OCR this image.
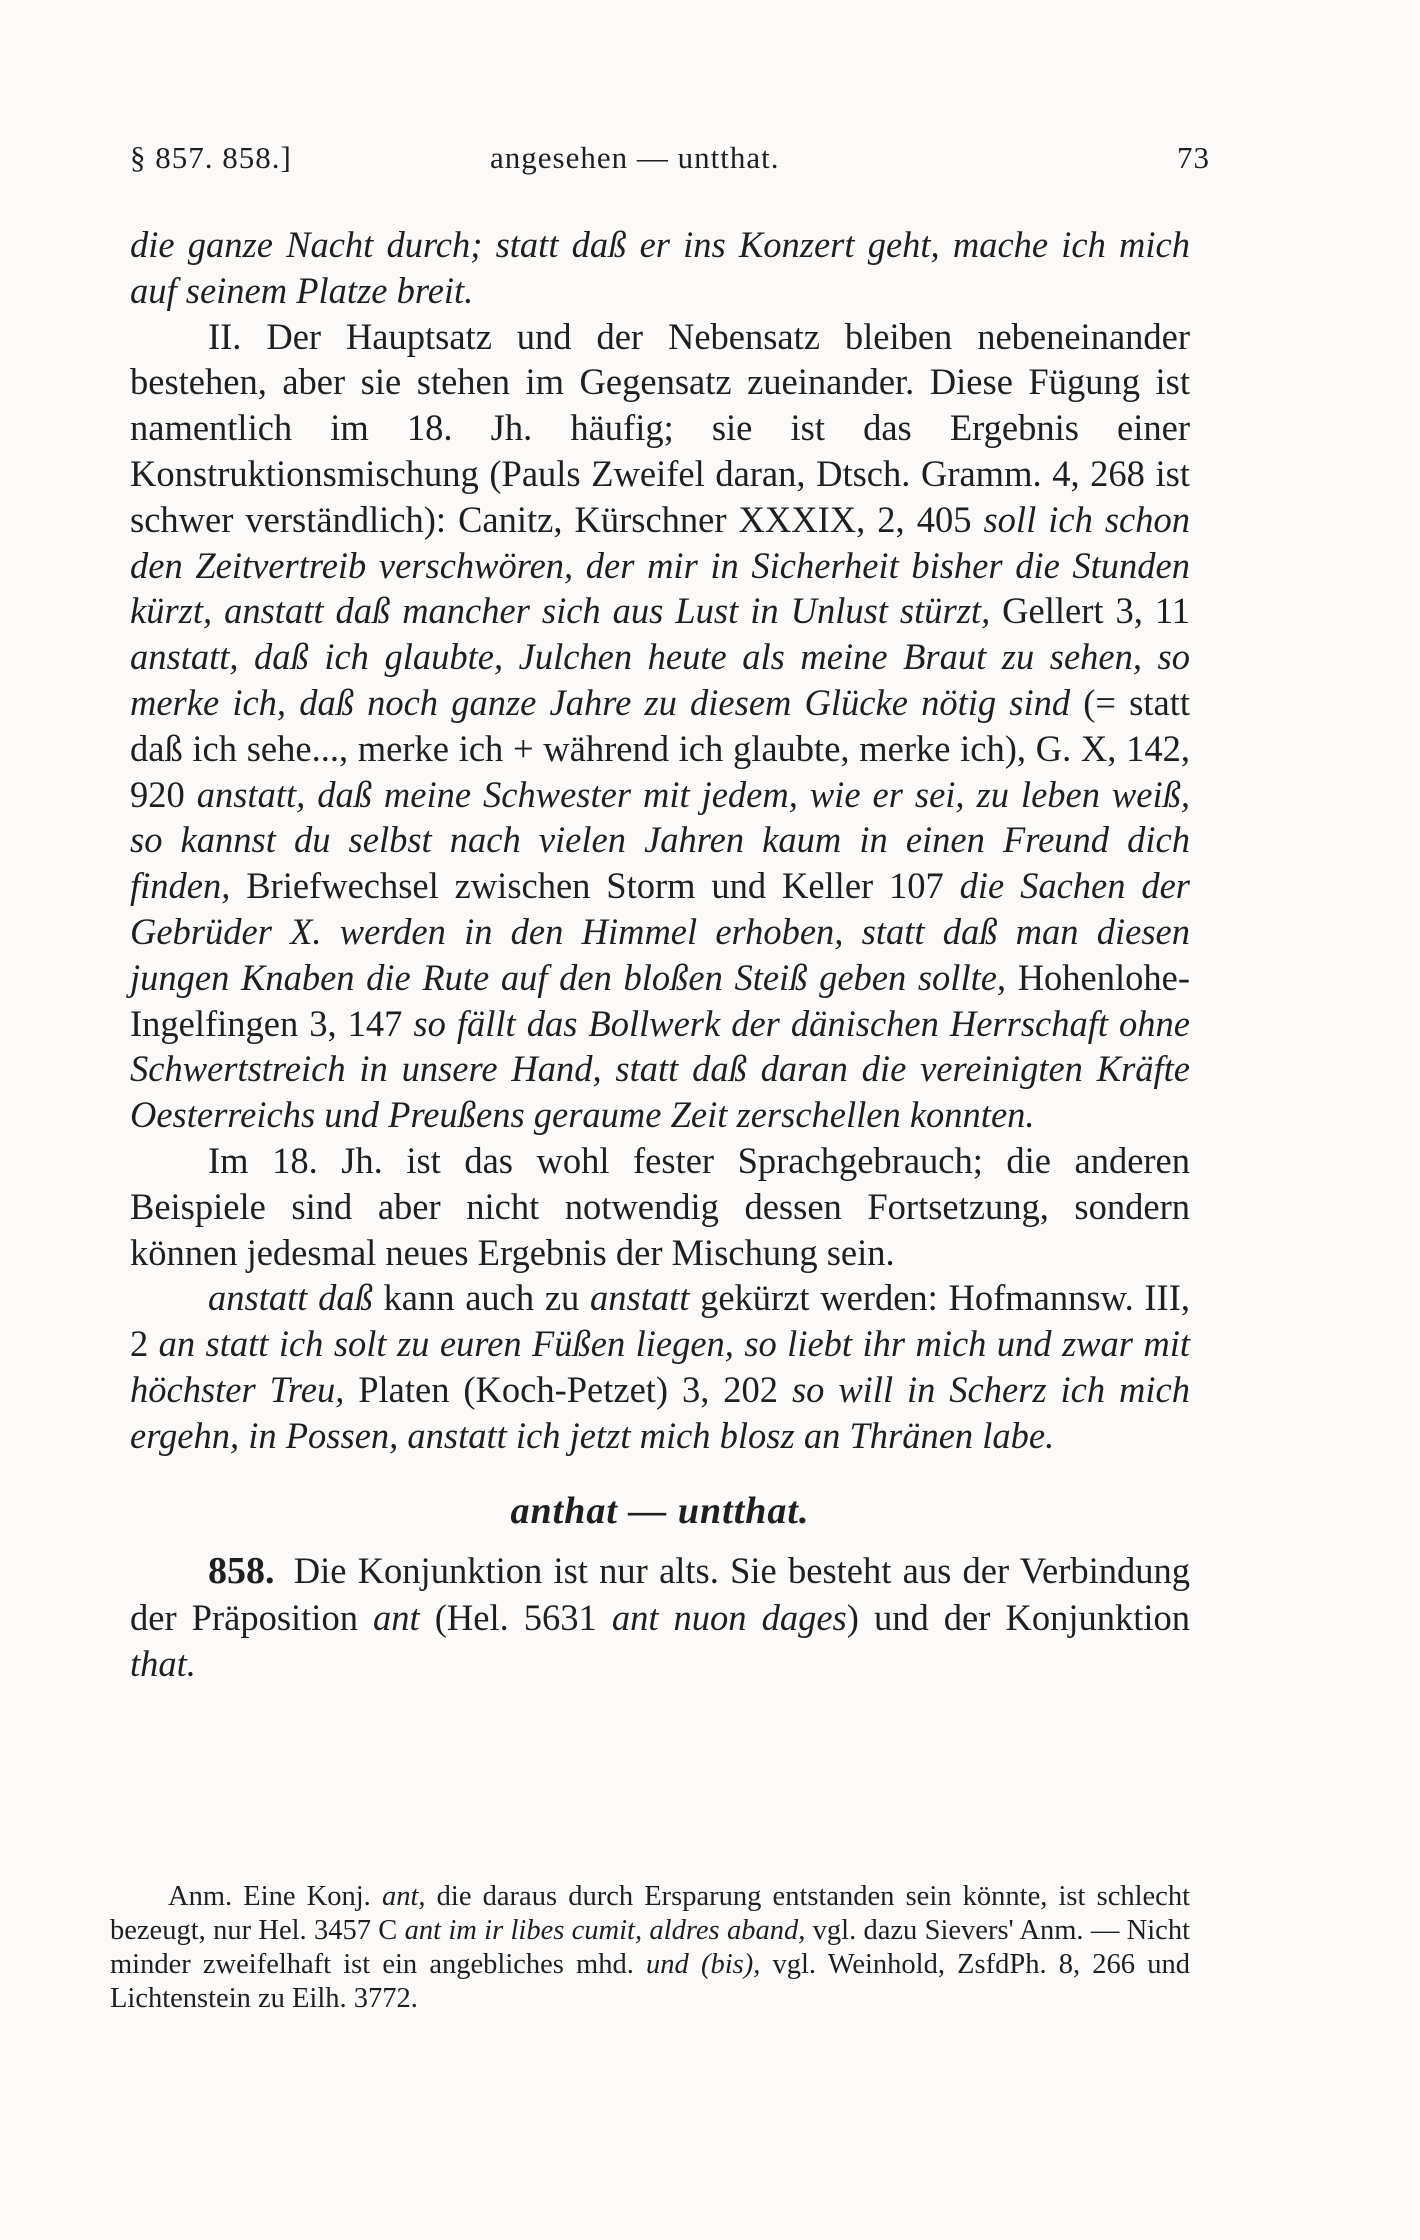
§ 857. 858.]	angesehen — untthat.	73

die ganze Nacht durch; statt daß er ins Konzert geht, mache ich mich auf seinem Platze breit.

II. Der Hauptsatz und der Nebensatz bleiben nebeneinander bestehen, aber sie stehen im Gegensatz zueinander. Diese Fügung ist namentlich im 18. Jh. häufig; sie ist das Ergebnis einer Konstruktionsmischung (Pauls Zweifel daran, Dtsch. Gramm. 4, 268 ist schwer verständlich): Canitz, Kürschner XXXIX, 2, 405 soll ich schon den Zeitvertreib verschwören, der mir in Sicherheit bisher die Stunden kürzt, anstatt daß mancher sich aus Lust in Unlust stürzt, Gellert 3, 11 anstatt, daß ich glaubte, Julchen heute als meine Braut zu sehen, so merke ich, daß noch ganze Jahre zu diesem Glücke nötig sind (= statt daß ich sehe..., merke ich + während ich glaubte, merke ich), G. X, 142, 920 anstatt, daß meine Schwester mit jedem, wie er sei, zu leben weiß, so kannst du selbst nach vielen Jahren kaum in einen Freund dich finden, Briefwechsel zwischen Storm und Keller 107 die Sachen der Gebrüder X. werden in den Himmel erhoben, statt daß man diesen jungen Knaben die Rute auf den bloßen Steiß geben sollte, Hohenlohe-Ingelfingen 3, 147 so fällt das Bollwerk der dänischen Herrschaft ohne Schwertstreich in unsere Hand, statt daß daran die vereinigten Kräfte Oesterreichs und Preußens geraume Zeit zerschellen konnten.

Im 18. Jh. ist das wohl fester Sprachgebrauch; die anderen Beispiele sind aber nicht notwendig dessen Fortsetzung, sondern können jedesmal neues Ergebnis der Mischung sein.

anstatt daß kann auch zu anstatt gekürzt werden: Hofmannsw. III, 2 an statt ich solt zu euren Füßen liegen, so liebt ihr mich und zwar mit höchster Treu, Platen (Koch-Petzet) 3, 202 so will in Scherz ich mich ergehn, in Possen, anstatt ich jetzt mich blosz an Thränen labe.

anthat — untthat.

858. Die Konjunktion ist nur alts. Sie besteht aus der Verbindung der Präposition ant (Hel. 5631 ant nuon dages) und der Konjunktion that.

Anm. Eine Konj. ant, die daraus durch Ersparung entstanden sein könnte, ist schlecht bezeugt, nur Hel. 3457 C ant im ir libes cumit, aldres aband, vgl. dazu Sievers' Anm. — Nicht minder zweifelhaft ist ein angebliches mhd. und (bis), vgl. Weinhold, ZsfdPh. 8, 266 und Lichtenstein zu Eilh. 3772.
